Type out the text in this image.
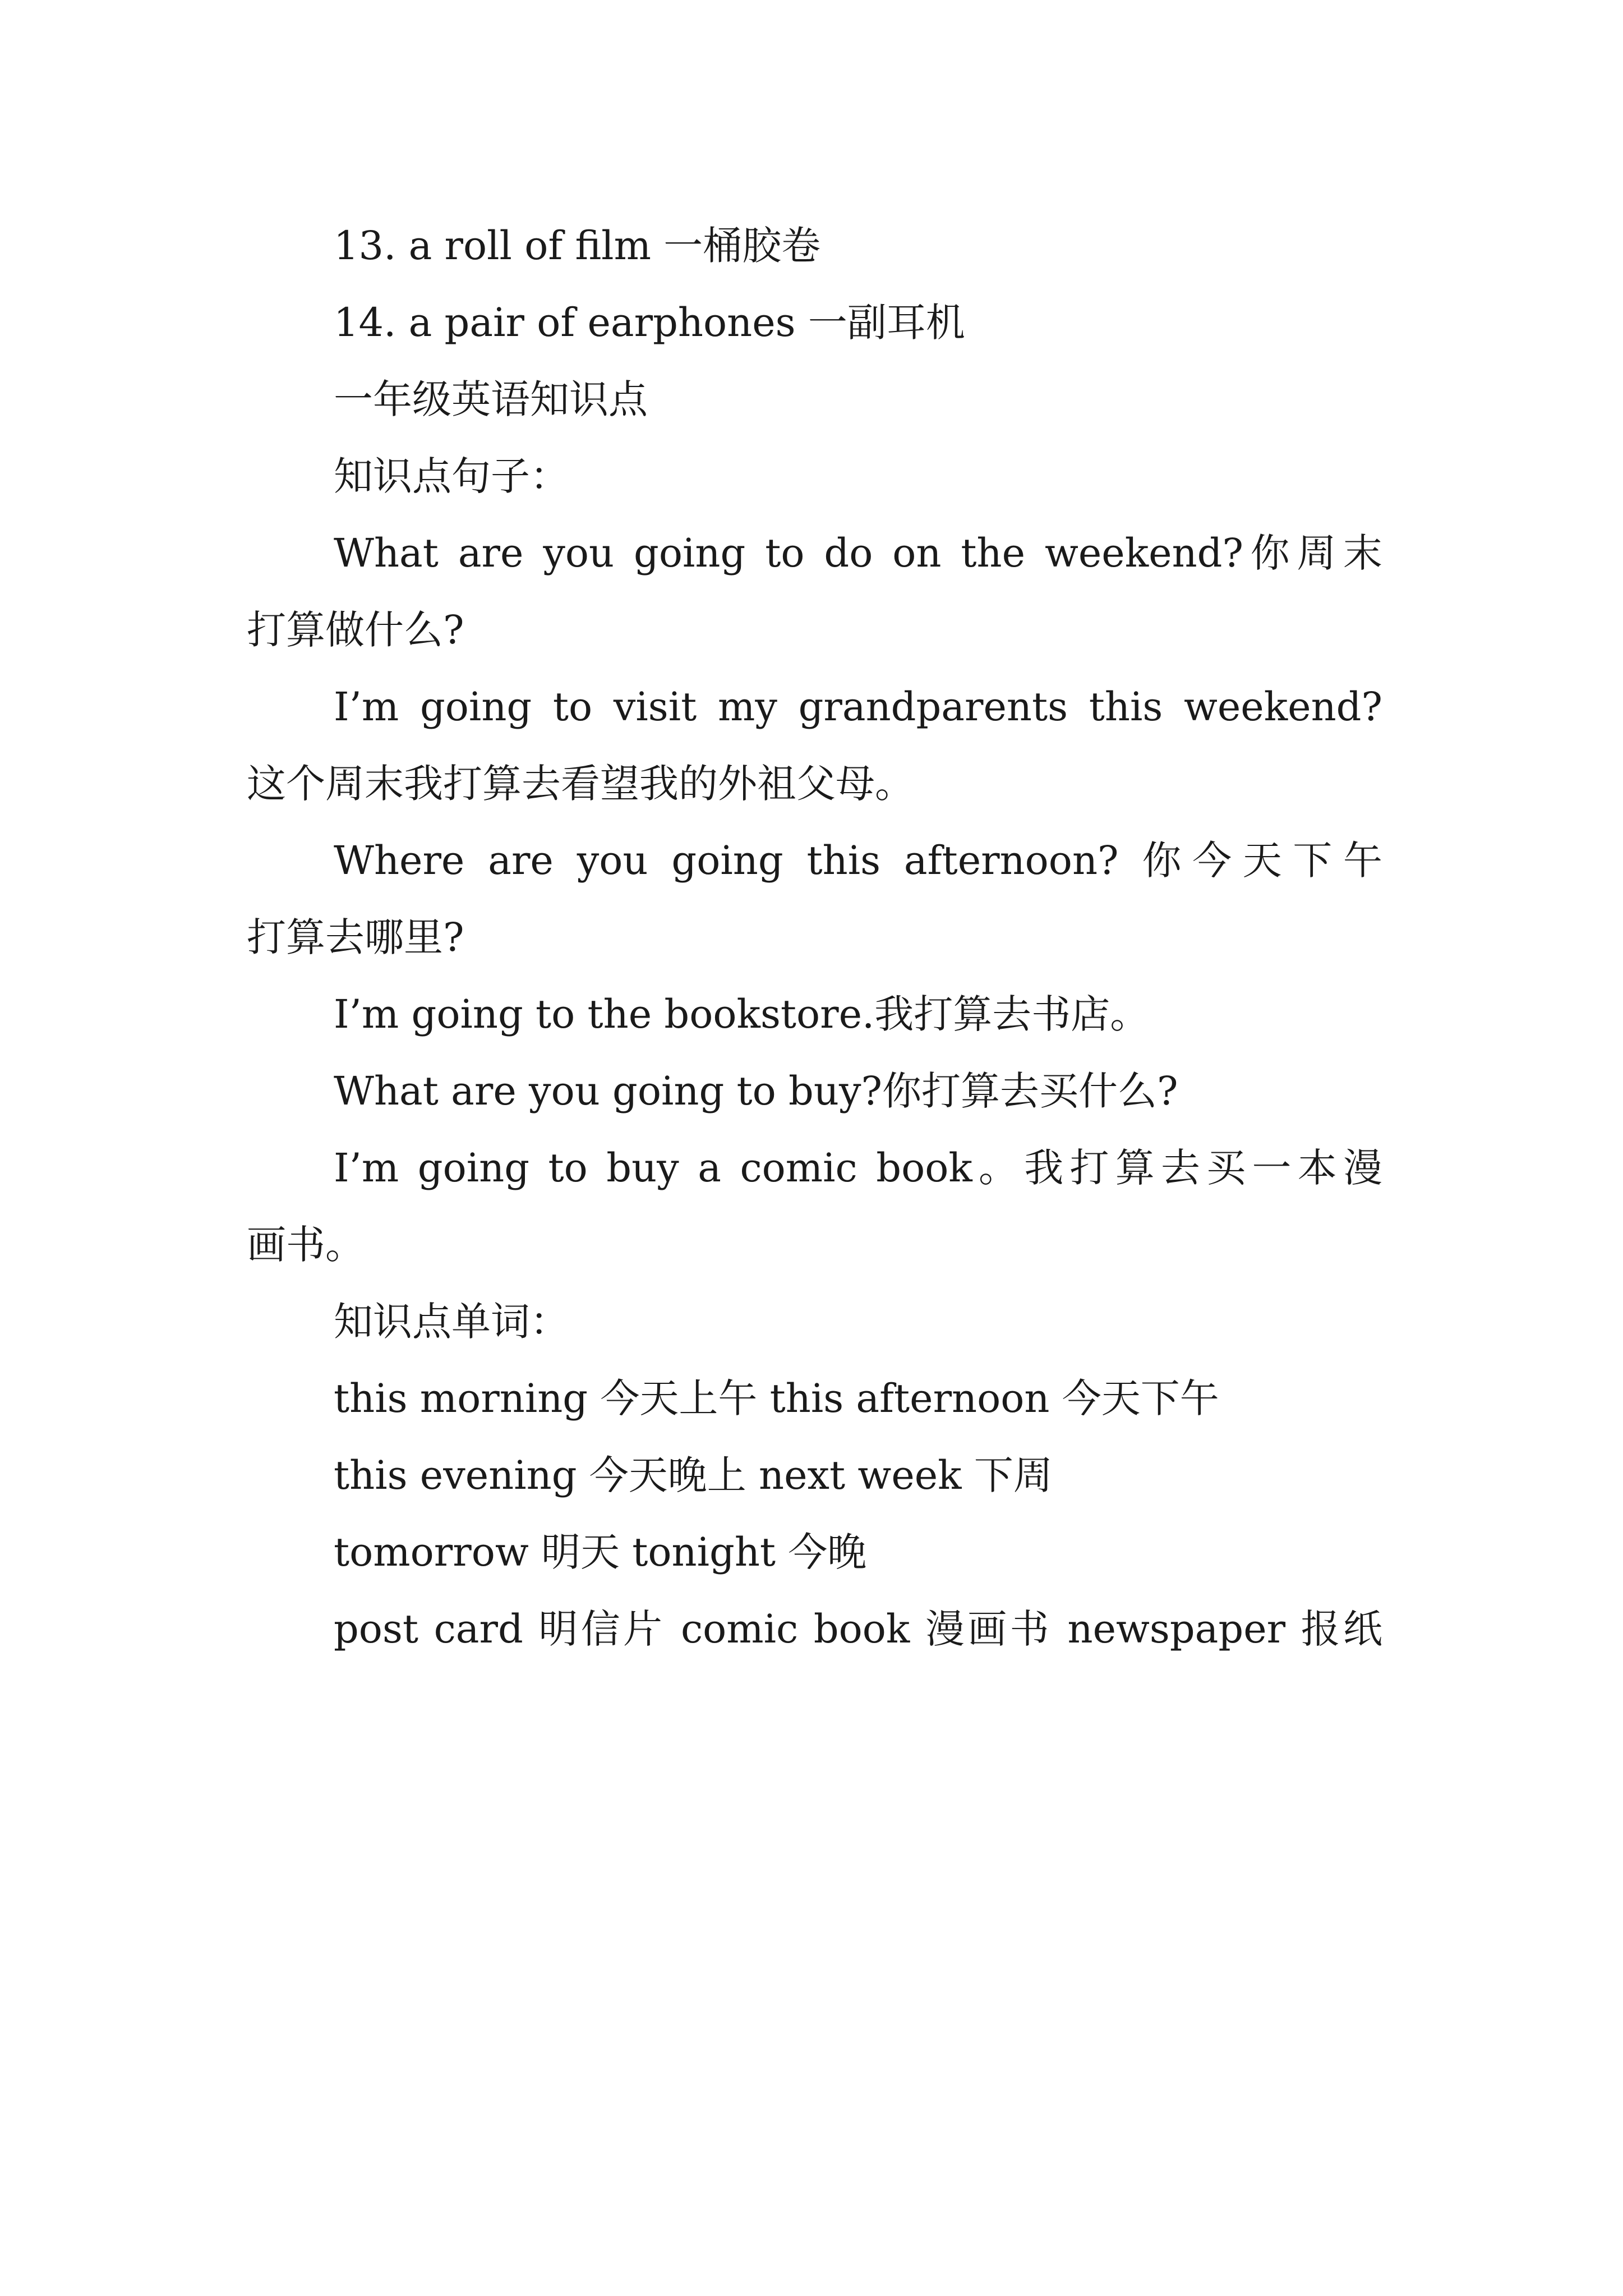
13. a roll of film 一桶胶卷

14. a pair of earphones 一副耳机

一年级英语知识点

知识点句子：

What are you going to do on the weekend?你周末

打算做什么?

I’m going to visit my grandparents this weekend?

这个周末我打算去看望我的外祖父母。

Where are you going this afternoon? 你今天下午

打算去哪里?

I’m going to the bookstore.我打算去书店。

What are you going to buy?你打算去买什么?

I’m going to buy a comic book。我打算去买一本漫

画书。

知识点单词：

this morning 今天上午 this afternoon 今天下午

this evening 今天晚上 next week 下周

tomorrow 明天 tonight 今晚

post card 明信片 comic book 漫画书 newspaper 报纸
